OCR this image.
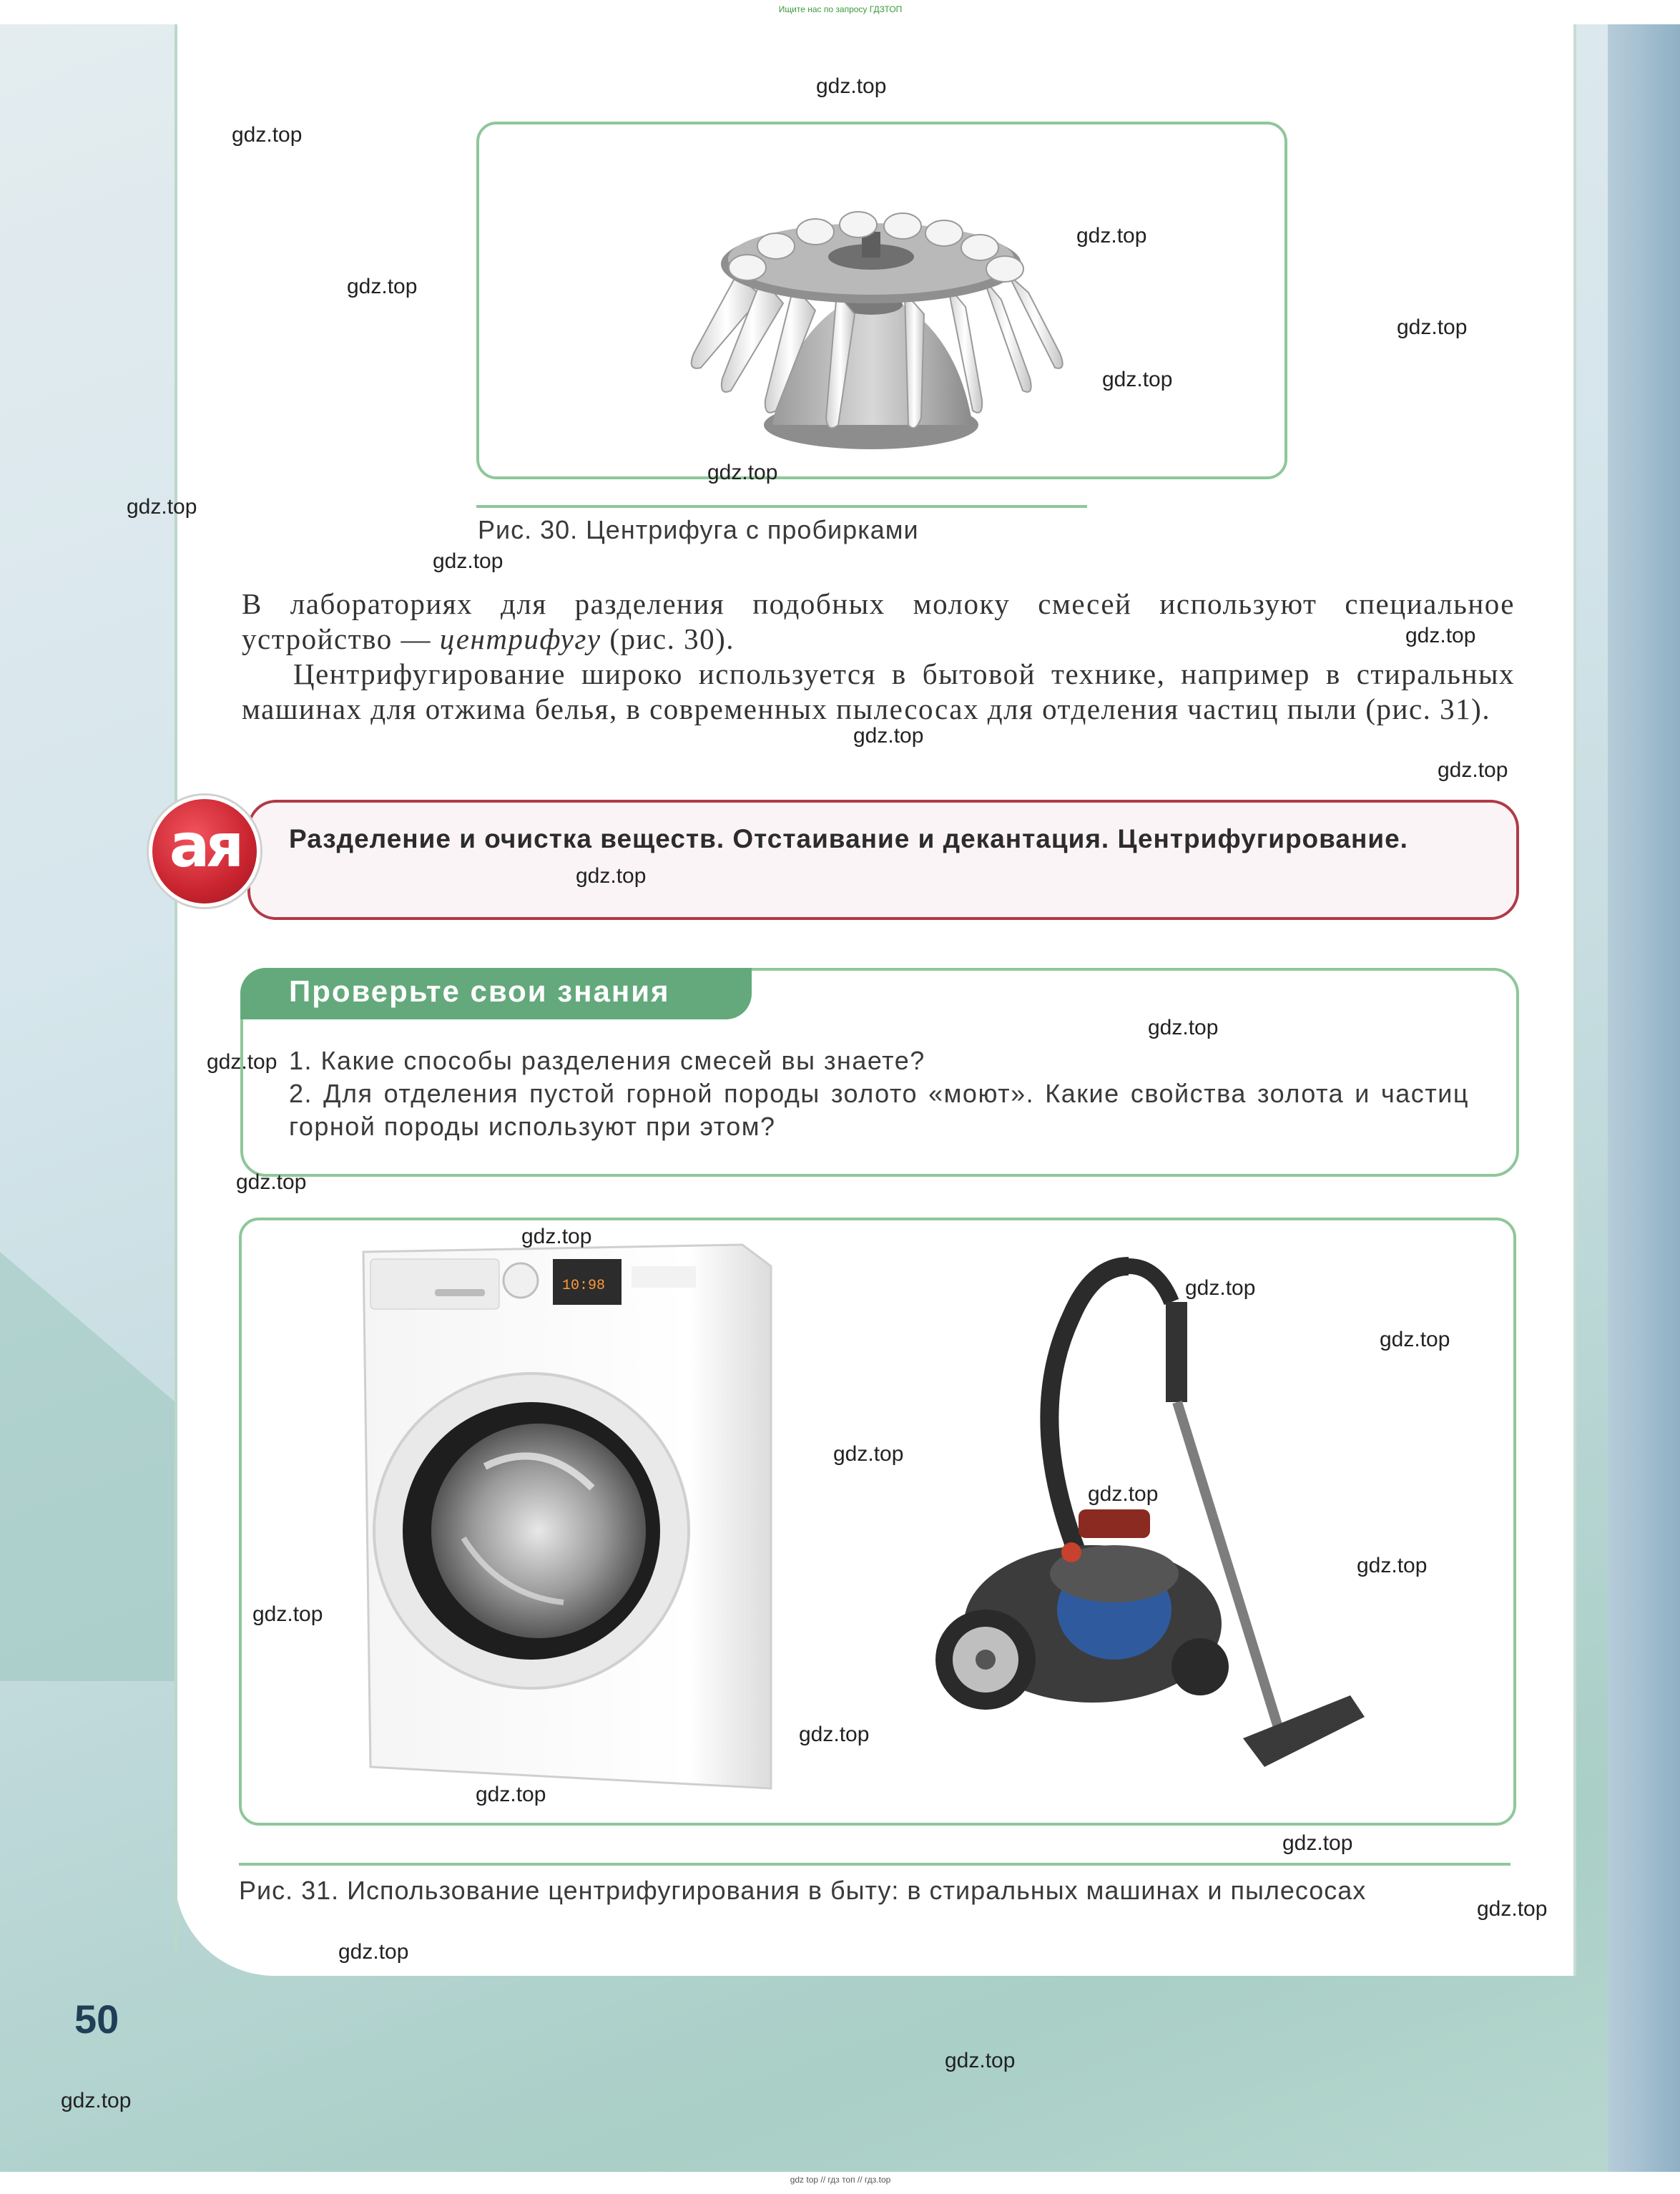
Ищите нас по запросу ГДЗТОП
gdz top // гдз топ // гдз.top
Рис. 30. Центрифуга с пробирками

В лабораториях для разделения подобных молоку смесей используют специальное устройство — центрифугу (рис. 30).

Центрифугирование широко используется в бытовой технике, например в стиральных машинах для отжима белья, в современных пылесосах для отделения частиц пыли (рис. 31).

ая	Разделение и очистка веществ. Отстаивание и декантация. Центрифугирование.
Проверьте свои знания
1. Какие способы разделения смесей вы знаете?
2. Для отделения пустой горной породы золото «моют». Какие свойства золота и частиц горной породы используют при этом?
10:98
Рис. 31. Использование центрифугирования в быту: в стиральных машинах и пылесосах
50
gdz.top
gdz.top
gdz.top
gdz.top
gdz.top
gdz.top
gdz.top
gdz.top
gdz.top
gdz.top
gdz.top
gdz.top
gdz.top
gdz.top
gdz.top
gdz.top
gdz.top
gdz.top
gdz.top
gdz.top
gdz.top
gdz.top
gdz.top
gdz.top
gdz.top
gdz.top
gdz.top
gdz.top
gdz.top
gdz.top
